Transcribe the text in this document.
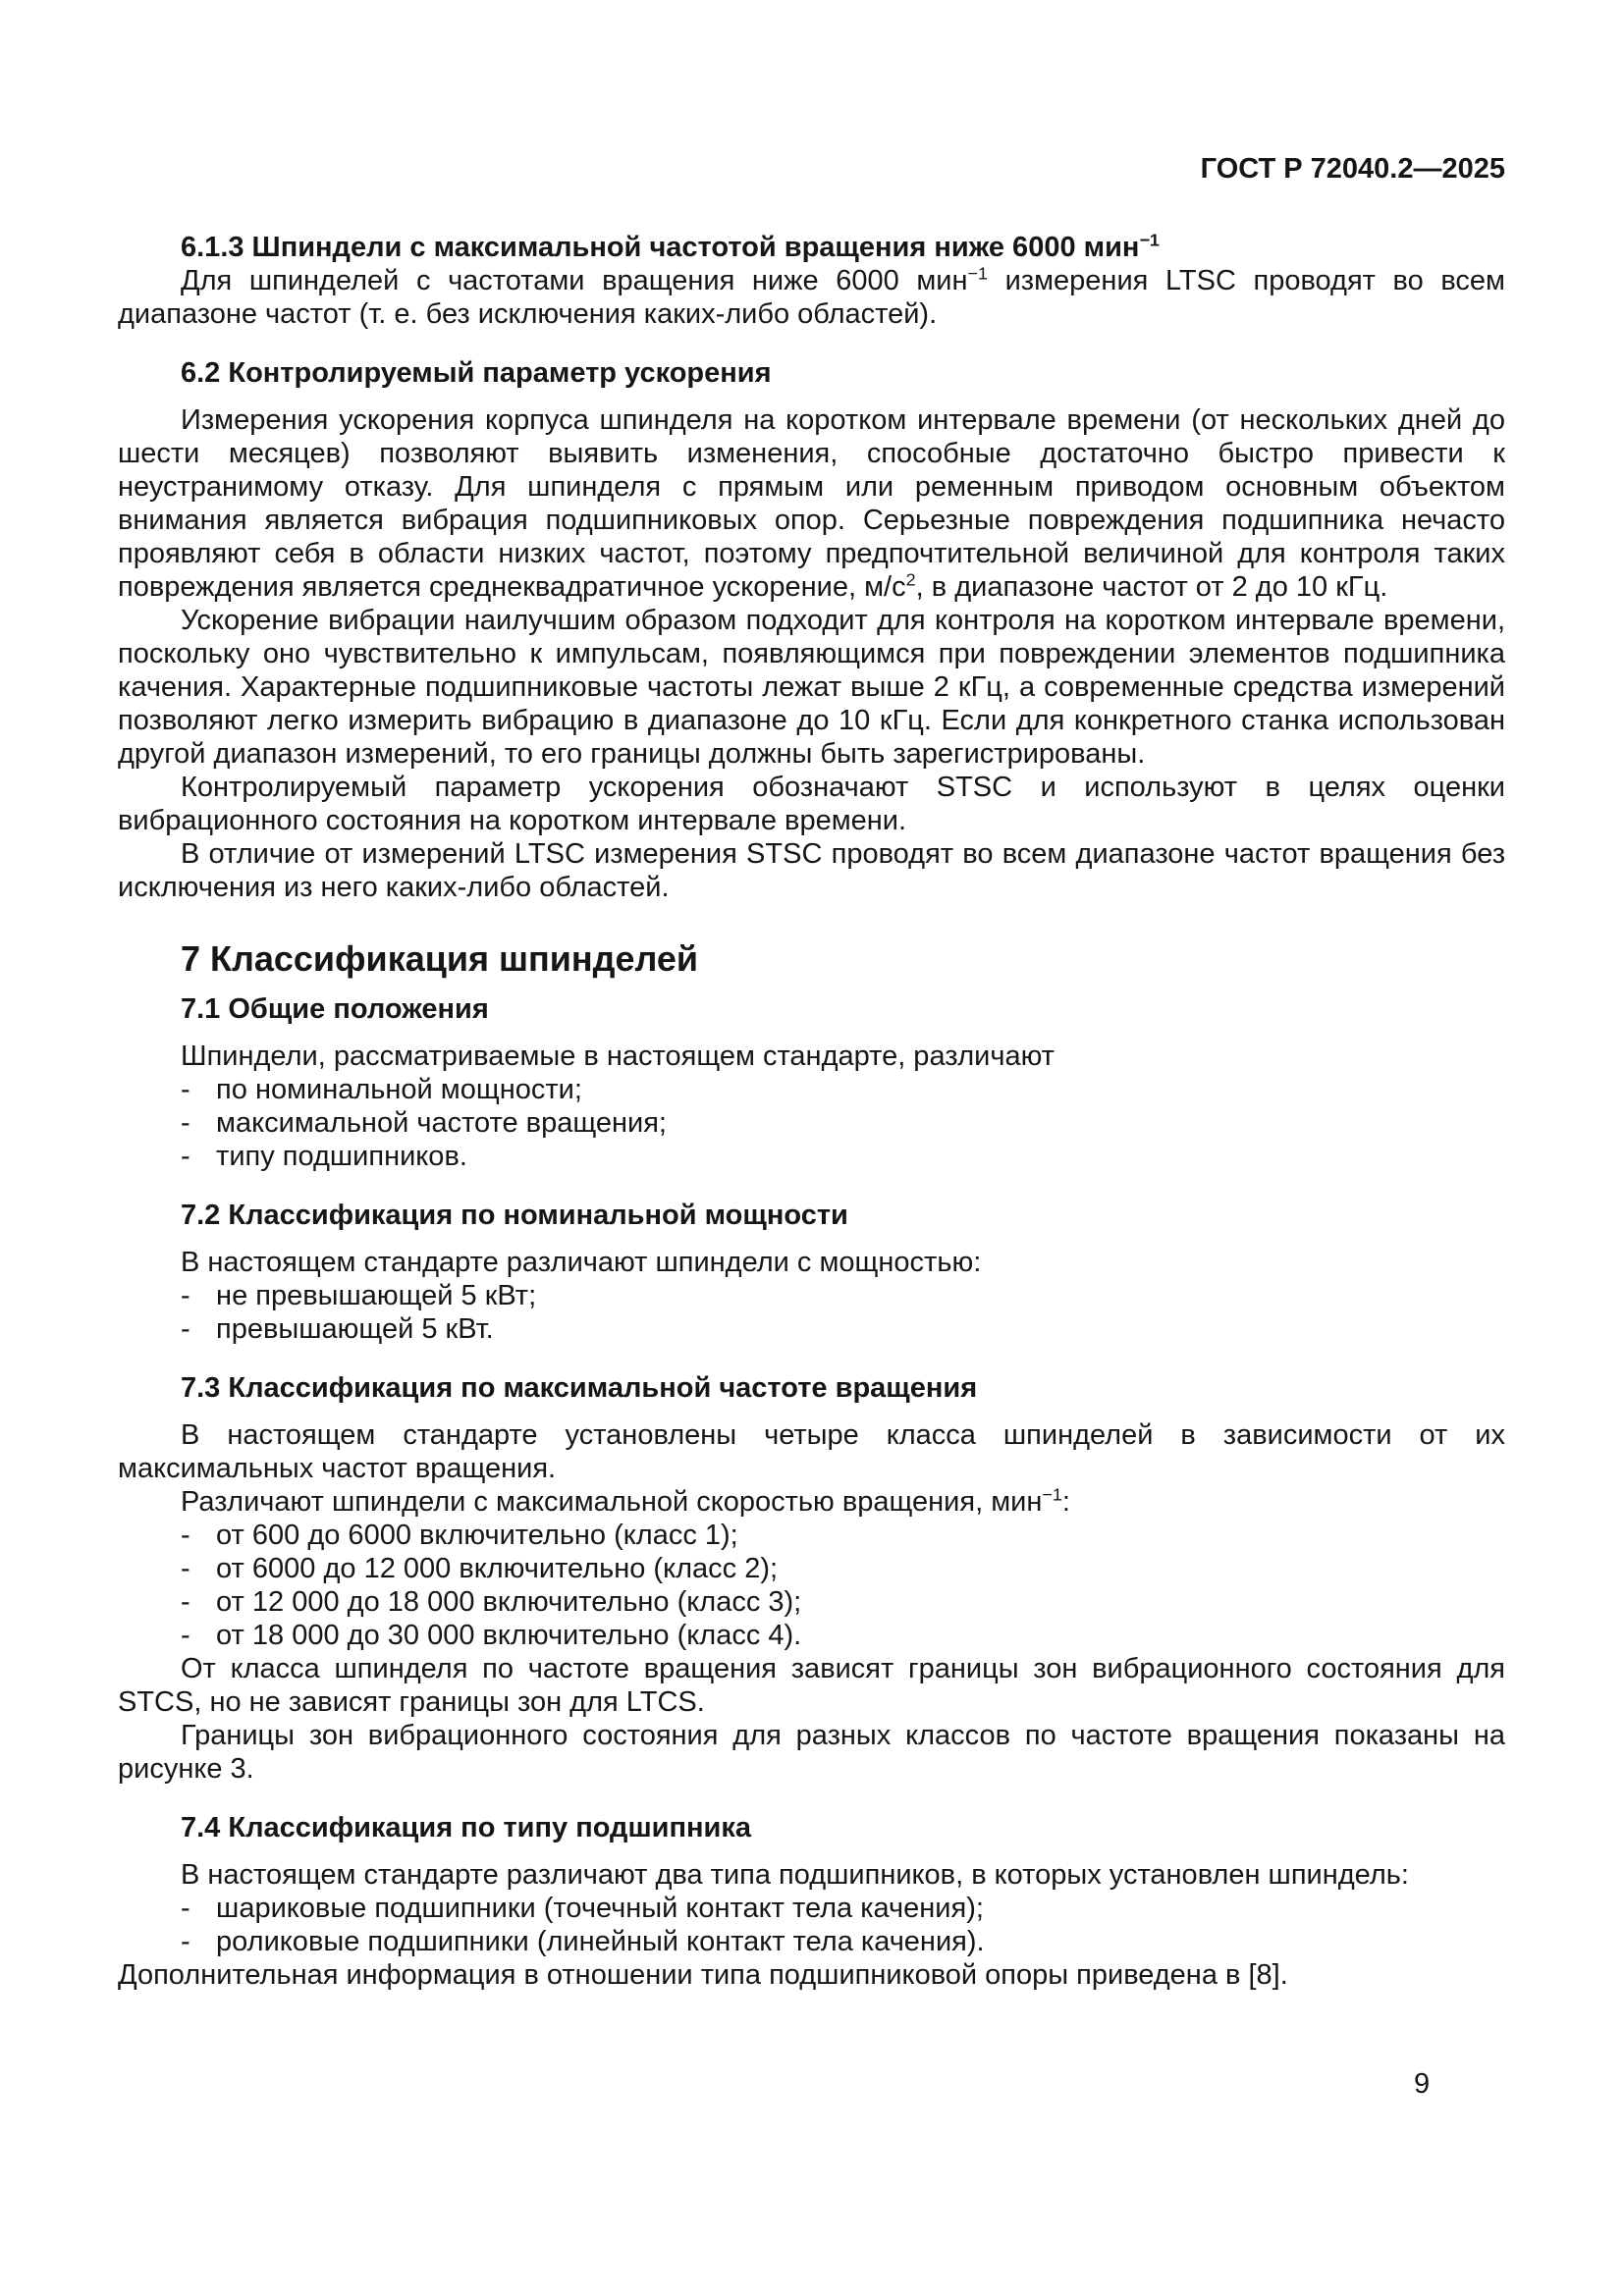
ГОСТ Р 72040.2—2025
6.1.3 Шпиндели с максимальной частотой вращения ниже 6000 мин$^{-1}$
Для шпинделей с частотами вращения ниже 6000 мин$^{-1}$ измерения LTSC проводят во всем диапазоне частот (т. е. без исключения каких-либо областей).
6.2 Контролируемый параметр ускорения
Измерения ускорения корпуса шпинделя на коротком интервале времени (от нескольких дней до шести месяцев) позволяют выявить изменения, способные достаточно быстро привести к неустранимому отказу. Для шпинделя с прямым или ременным приводом основным объектом внимания является вибрация подшипниковых опор. Серьезные повреждения подшипника нечасто проявляют себя в области низких частот, поэтому предпочтительной величиной для контроля таких повреждения является среднеквадратичное ускорение, $м/с^2$, в диапазоне частот от 2 до 10 кГц.
Ускорение вибрации наилучшим образом подходит для контроля на коротком интервале времени, поскольку оно чувствительно к импульсам, появляющимся при повреждении элементов подшипника качения. Характерные подшипниковые частоты лежат выше 2 кГц, а современные средства измерений позволяют легко измерить вибрацию в диапазоне до 10 кГц. Если для конкретного станка использован другой диапазон измерений, то его границы должны быть зарегистрированы.
Контролируемый параметр ускорения обозначают STSC и используют в целях оценки вибрационного состояния на коротком интервале времени.
В отличие от измерений LTSC измерения STSC проводят во всем диапазоне частот вращения без исключения из него каких-либо областей.
7 Классификация шпинделей
7.1 Общие положения
Шпиндели, рассматриваемые в настоящем стандарте, различают
- по номинальной мощности;
- максимальной частоте вращения;
- типу подшипников.
7.2 Классификация по номинальной мощности
В настоящем стандарте различают шпиндели с мощностью:
- не превышающей 5 кВт;
- превышающей 5 кВт.
7.3 Классификация по максимальной частоте вращения
В настоящем стандарте установлены четыре класса шпинделей в зависимости от их максимальных частот вращения.
Различают шпиндели с максимальной скоростью вращения, мин$^{-1}$:
- от 600 до 6000 включительно (класс 1);
- от 6000 до 12 000 включительно (класс 2);
- от 12 000 до 18 000 включительно (класс 3);
- от 18 000 до 30 000 включительно (класс 4).
От класса шпинделя по частоте вращения зависят границы зон вибрационного состояния для STCS, но не зависят границы зон для LTCS.
Границы зон вибрационного состояния для разных классов по частоте вращения показаны на рисунке 3.
7.4 Классификация по типу подшипника
В настоящем стандарте различают два типа подшипников, в которых установлен шпиндель:
- шариковые подшипники (точечный контакт тела качения);
- роликовые подшипники (линейный контакт тела качения).
Дополнительная информация в отношении типа подшипниковой опоры приведена в [8].
9
